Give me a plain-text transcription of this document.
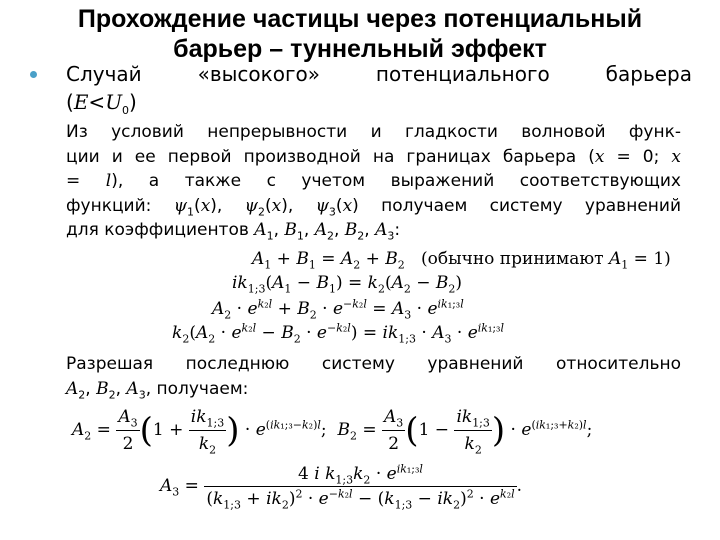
Прохождение частицы через потенциальный
барьер – туннельный эффект
Случай «высокого» потенциального барьера
$(E<U_0)$
Из условий непрерывности и гладкости волновой функ-
ции и ее первой производной на границах барьера (x = 0; x
= l), а также с учетом выражений соответствующих
функций: $\psi_1(x)$, $\psi_2(x)$, $\psi_3(x)$ получаем систему уравнений
для коэффициентов $A_1$, $B_1$, $A_2$, $B_2$, $A_3$:
$A_1 + B_1 = A_2 + B_2$   (обычно принимают $A_1 = 1$)
$ik_{1;3}(A_1 - B_1) = k_2(A_2 - B_2)$
$A_2 \cdot e^{k_2l} + B_2 \cdot e^{-k_2l} = A_3 \cdot e^{ik_1;_3l}$
$k_2(A_2 \cdot e^{k_2l} - B_2 \cdot e^{-k_2l}) = ik_{1;3} \cdot A_3 \cdot e^{ik_1;_3l}$
Разрешая последнюю систему уравнений относительно
$A_2$, $B_2$, $A_3$, получаем:
$A_2 = \frac{A_3}{2} (1 + \frac{ik_{1;3}}{k_2}$ ) · $e^{(ik_1;_3-k_2)l}$;  $B_2 = \frac{A_3}{2} (1 - \frac{ik_{1;3}}{k_2}$ ) · $e^{(ik_1;_3+k_2)l}$;
$A_3 = \frac{4 i k_{1;3}k_2 \cdot e^{ik_1;_3l}}{(k_{1;3} + ik_2)^2 \cdot e^{-k_2l} - (k_{1;3} - ik_2)^2 \cdot e^{k_2l}}$ .
